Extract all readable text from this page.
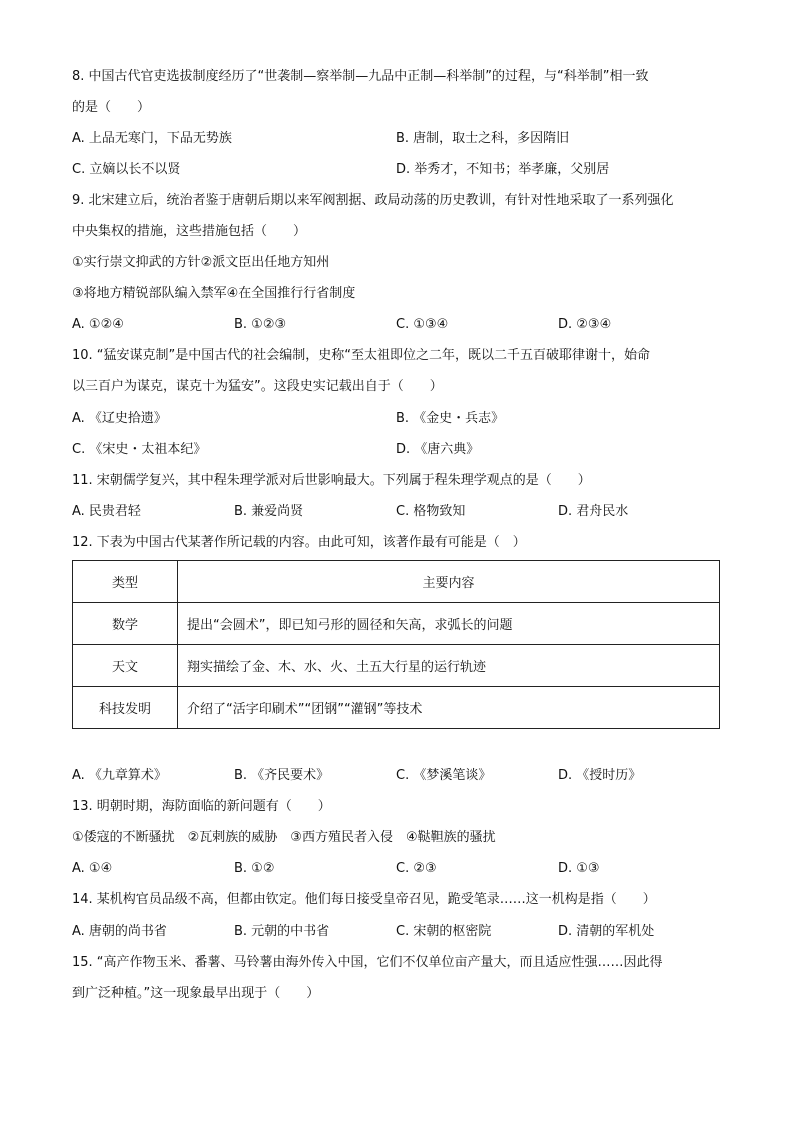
8. 中国古代官吏选拔制度经历了“世袭制—察举制—九品中正制—科举制”的过程，与“科举制”相一致
的是（　　）
A. 上品无寒门，下品无势族	B. 唐制，取士之科，多因隋旧
C. 立嫡以长不以贤	D. 举秀才，不知书；举孝廉，父别居
9. 北宋建立后，统治者鉴于唐朝后期以来军阀割据、政局动荡的历史教训，有针对性地采取了一系列强化
中央集权的措施，这些措施包括（　　）
①实行崇文抑武的方针②派文臣出任地方知州
③将地方精锐部队编入禁军④在全国推行行省制度
A. ①②④	B. ①②③	C. ①③④	D. ②③④
10. “猛安谋克制”是中国古代的社会编制，史称“至太祖即位之二年，既以二千五百破耶律谢十，始命
以三百户为谋克，谋克十为猛安”。这段史实记载出自于（　　）
A. 《辽史拾遗》	B. 《金史・兵志》
C. 《宋史・太祖本纪》	D. 《唐六典》
11. 宋朝儒学复兴，其中程朱理学派对后世影响最大。下列属于程朱理学观点的是（　　）
A. 民贵君轻	B. 兼爱尚贤	C. 格物致知	D. 君舟民水
12. 下表为中国古代某著作所记载的内容。由此可知，该著作最有可能是（　）
类型	主要内容
数学	提出“会圆术”，即已知弓形的圆径和矢高，求弧长的问题
天文	翔实描绘了金、木、水、火、土五大行星的运行轨迹
科技发明	介绍了“活字印刷术”“团钢”“灌钢”等技术
A. 《九章算术》	B. 《齐民要术》	C. 《梦溪笔谈》	D. 《授时历》
13. 明朝时期，海防面临的新问题有（　　）
①倭寇的不断骚扰　②瓦剌族的威胁　③西方殖民者入侵　④鞑靼族的骚扰
A. ①④	B. ①②	C. ②③	D. ①③
14. 某机构官员品级不高，但都由钦定。他们每日接受皇帝召见，跪受笔录……这一机构是指（　　）
A. 唐朝的尚书省	B. 元朝的中书省	C. 宋朝的枢密院	D. 清朝的军机处
15. “高产作物玉米、番薯、马铃薯由海外传入中国，它们不仅单位亩产量大，而且适应性强……因此得
到广泛种植。”这一现象最早出现于（　　）
